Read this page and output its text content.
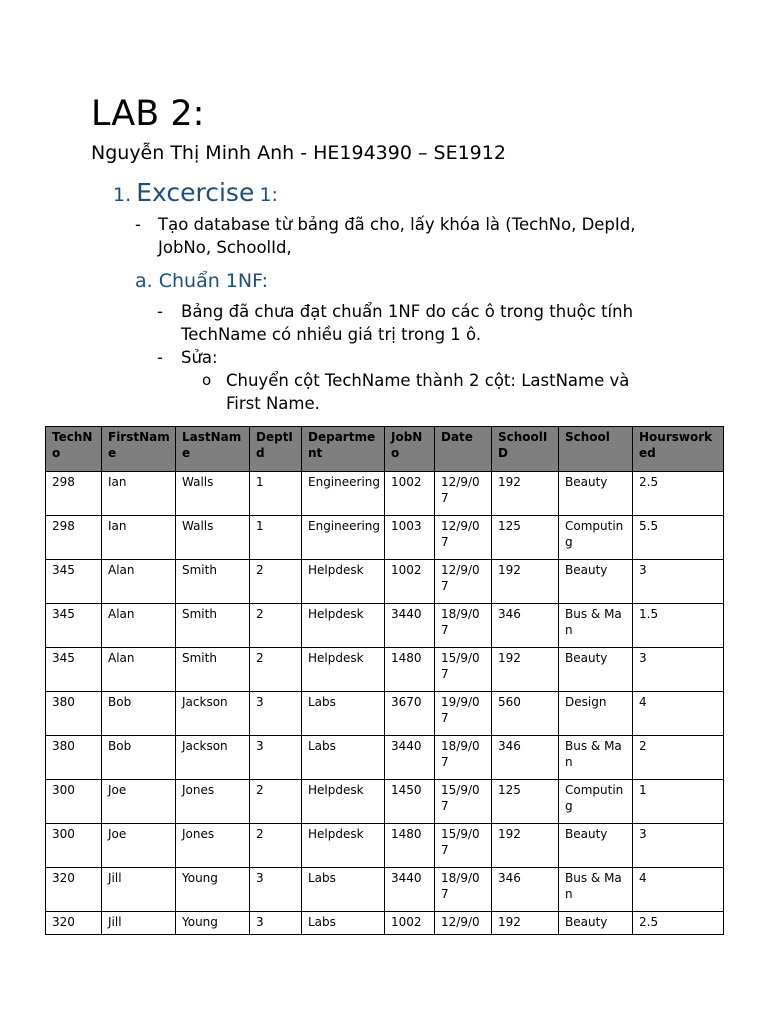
LAB 2:
Nguyễn Thị Minh Anh - HE194390 – SE1912
1. Excercise 1:
- Tạo database từ bảng đã cho, lấy khóa là (TechNo, DepId,
JobNo, SchoolId,
a. Chuẩn 1NF:
- Bảng đã chưa đạt chuẩn 1NF do các ô trong thuộc tính
TechName có nhiều giá trị trong 1 ô.
- Sửa:
o Chuyển cột TechName thành 2 cột: LastName và
First Name.
TechNo	FirstName	LastName	DeptId	Department	JobNo	Date	SchoolID	School	Hoursworked
298	Ian	Walls	1	Engineering	1002	12/9/07	192	Beauty	2.5
298	Ian	Walls	1	Engineering	1003	12/9/07	125	Computing	5.5
345	Alan	Smith	2	Helpdesk	1002	12/9/07	192	Beauty	3
345	Alan	Smith	2	Helpdesk	3440	18/9/07	346	Bus & Man	1.5
345	Alan	Smith	2	Helpdesk	1480	15/9/07	192	Beauty	3
380	Bob	Jackson	3	Labs	3670	19/9/07	560	Design	4
380	Bob	Jackson	3	Labs	3440	18/9/07	346	Bus & Man	2
300	Joe	Jones	2	Helpdesk	1450	15/9/07	125	Computing	1
300	Joe	Jones	2	Helpdesk	1480	15/9/07	192	Beauty	3
320	Jill	Young	3	Labs	3440	18/9/07	346	Bus & Man	4
320	Jill	Young	3	Labs	1002	12/9/0	192	Beauty	2.5
